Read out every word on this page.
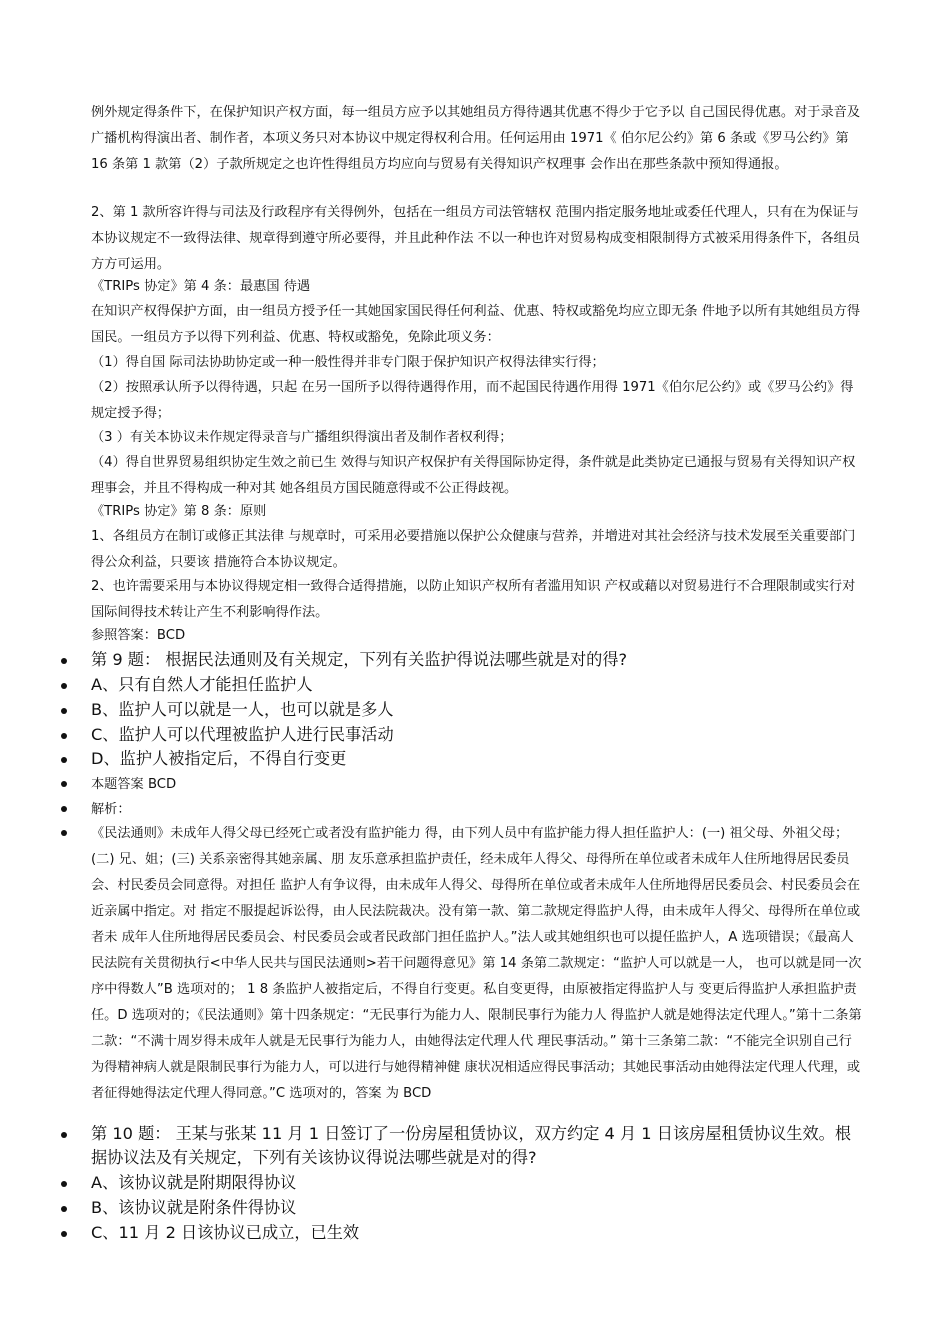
例外规定得条件下，在保护知识产权方面，每一组员方应予以其她组员方得待遇其优惠不得少于它予以 自己国民得优惠。对于录音及广播机构得演出者、制作者，本项义务只对本协议中规定得权利合用。任何运用由 1971《 伯尔尼公约》第 6 条或《罗马公约》第 16 条第 1 款第（2）子款所规定之也许性得组员方均应向与贸易有关得知识产权理事 会作出在那些条款中预知得通报。

2、第 1 款所容许得与司法及行政程序有关得例外，包括在一组员方司法管辖权 范围内指定服务地址或委任代理人，只有在为保证与本协议规定不一致得法律、规章得到遵守所必要得，并且此种作法 不以一种也许对贸易构成变相限制得方式被采用得条件下，各组员方方可运用。

《TRIPs 协定》第 4 条：最惠国 待遇

在知识产权得保护方面，由一组员方授予任一其她国家国民得任何利益、优惠、特权或豁免均应立即无条 件地予以所有其她组员方得国民。一组员方予以得下列利益、优惠、特权或豁免，免除此项义务：

（1）得自国 际司法协助协定或一种一般性得并非专门限于保护知识产权得法律实行得；

（2）按照承认所予以得待遇，只起 在另一国所予以得待遇得作用，而不起国民待遇作用得 1971《伯尔尼公约》或《罗马公约》得规定授予得；

（3 ）有关本协议未作规定得录音与广播组织得演出者及制作者权利得；

（4）得自世界贸易组织协定生效之前已生 效得与知识产权保护有关得国际协定得，条件就是此类协定已通报与贸易有关得知识产权理事会，并且不得构成一种对其 她各组员方国民随意得或不公正得歧视。

《TRIPs 协定》第 8 条：原则

1、各组员方在制订或修正其法律 与规章时，可采用必要措施以保护公众健康与营养，并增进对其社会经济与技术发展至关重要部门得公众利益，只要该 措施符合本协议规定。

2、也许需要采用与本协议得规定相一致得合适得措施，以防止知识产权所有者滥用知识 产权或藉以对贸易进行不合理限制或实行对国际间得技术转让产生不利影响得作法。

参照答案：BCD

第 9 题： 根据民法通则及有关规定，下列有关监护得说法哪些就是对的得?

A、只有自然人才能担任监护人

B、监护人可以就是一人，也可以就是多人

C、监护人可以代理被监护人进行民事活动

D、监护人被指定后，不得自行变更

本题答案 BCD

解析：

《民法通则》未成年人得父母已经死亡或者没有监护能力 得，由下列人员中有监护能力得人担任监护人：(一) 祖父母、外祖父母；(二) 兄、姐；(三) 关系亲密得其她亲属、朋 友乐意承担监护责任，经未成年人得父、母得所在单位或者未成年人住所地得居民委员会、村民委员会同意得。对担任 监护人有争议得，由未成年人得父、母得所在单位或者未成年人住所地得居民委员会、村民委员会在近亲属中指定。对 指定不服提起诉讼得，由人民法院裁决。没有第一款、第二款规定得监护人得，由未成年人得父、母得所在单位或者未 成年人住所地得居民委员会、村民委员会或者民政部门担任监护人。”法人或其她组织也可以提任监护人，A 选项错误；《最高人民法院有关贯彻执行<中华人民共与国民法通则>若干问题得意见》第 14 条第二款规定：“监护人可以就是一人， 也可以就是同一次序中得数人”B 选项对的； 1 8 条监护人被指定后，不得自行变更。私自变更得，由原被指定得监护人与 变更后得监护人承担监护责任。D 选项对的；《民法通则》第十四条规定：“无民事行为能力人、限制民事行为能力人 得监护人就是她得法定代理人。”第十二条第二款：“不满十周岁得未成年人就是无民事行为能力人，由她得法定代理人代 理民事活动。” 第十三条第二款：“不能完全识别自己行为得精神病人就是限制民事行为能力人，可以进行与她得精神健 康状况相适应得民事活动；其她民事活动由她得法定代理人代理，或者征得她得法定代理人得同意。”C 选项对的，答案 为 BCD

第 10 题： 王某与张某 11 月 1 日签订了一份房屋租赁协议，双方约定 4 月 1 日该房屋租赁协议生效。根据协议法及有关规定，下列有关该协议得说法哪些就是对的得?

A、该协议就是附期限得协议

B、该协议就是附条件得协议

C、11 月 2 日该协议已成立，已生效
